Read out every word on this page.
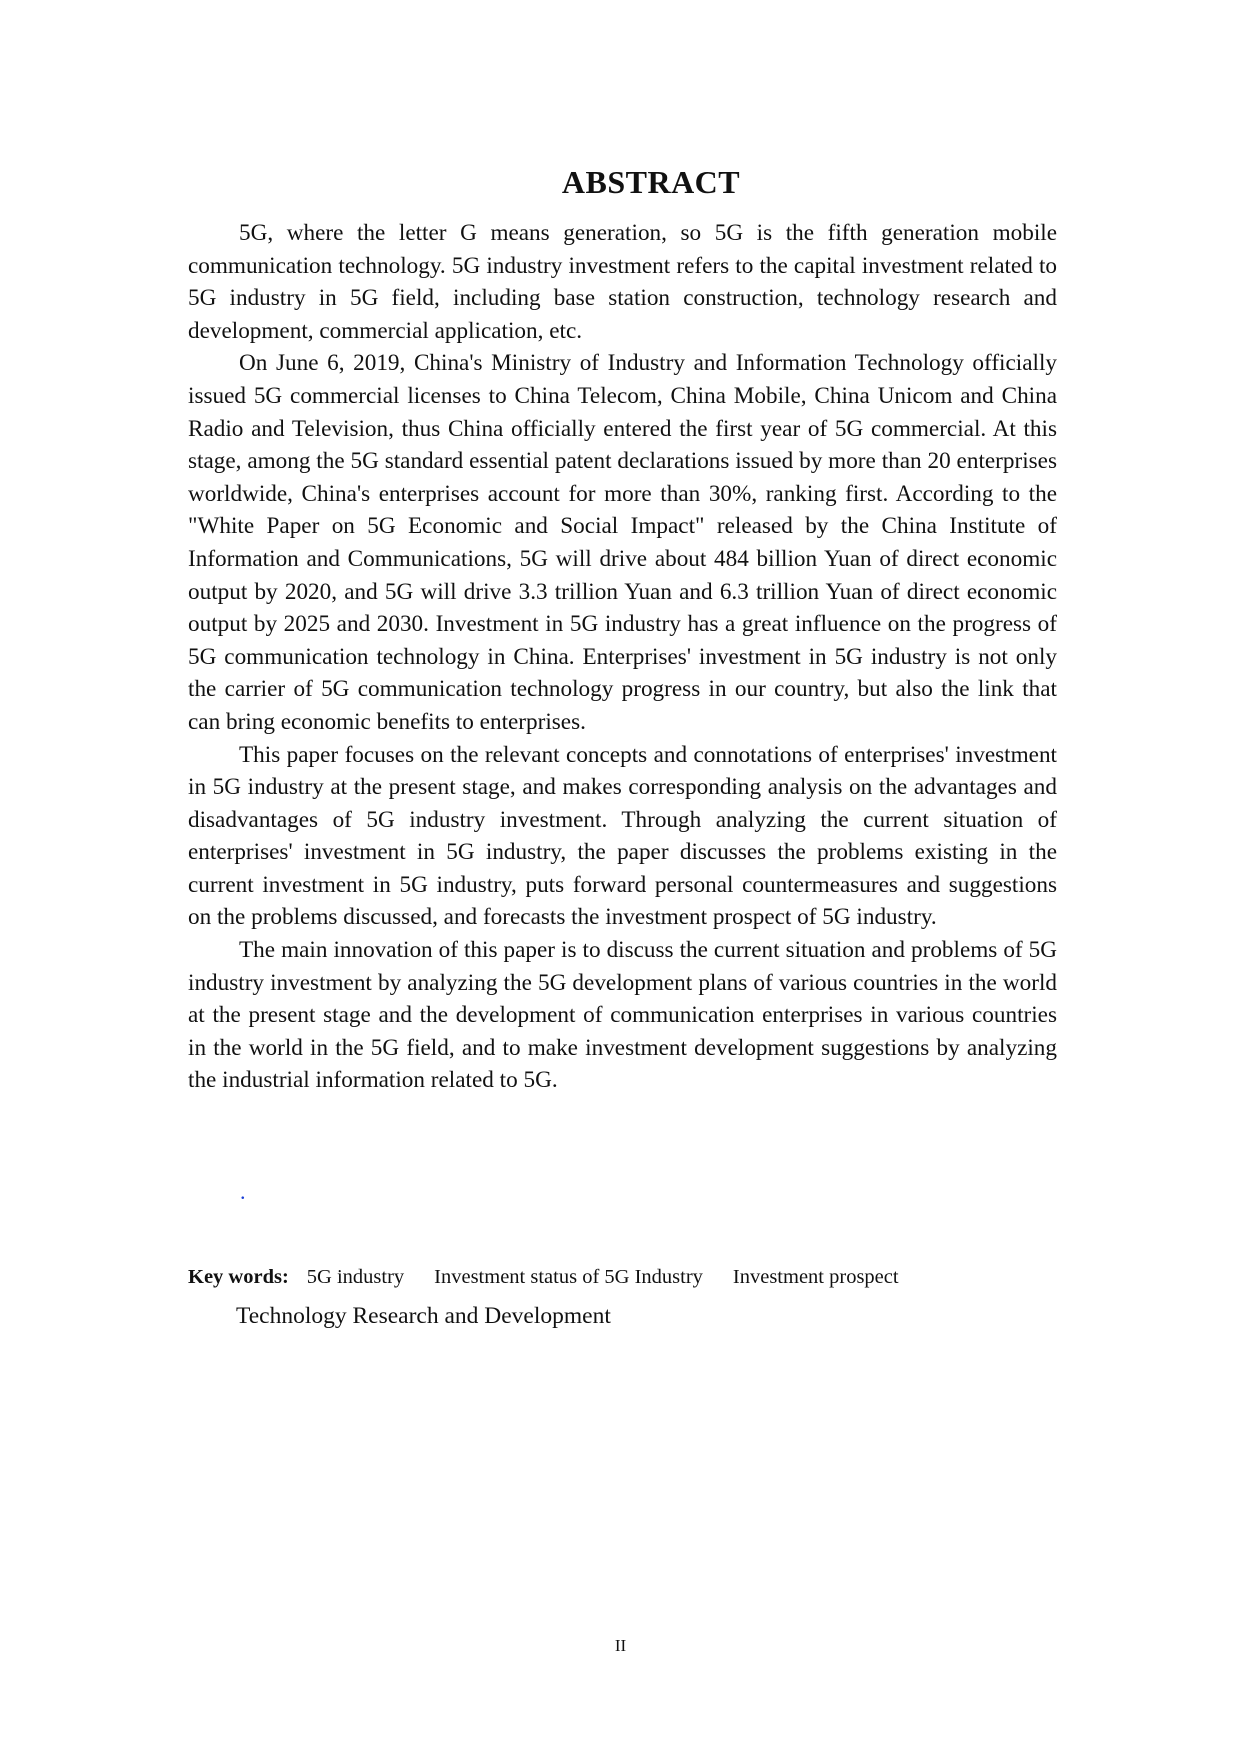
ABSTRACT

5G, where the letter G means generation, so 5G is the fifth generation mobile communication technology. 5G industry investment refers to the capital investment related to 5G industry in 5G field, including base station construction, technology research and development, commercial application, etc.

On June 6, 2019, China's Ministry of Industry and Information Technology officially issued 5G commercial licenses to China Telecom, China Mobile, China Unicom and China Radio and Television, thus China officially entered the first year of 5G commercial. At this stage, among the 5G standard essential patent declarations issued by more than 20 enterprises worldwide, China's enterprises account for more than 30%, ranking first. According to the "White Paper on 5G Economic and Social Impact" released by the China Institute of Information and Communications, 5G will drive about 484 billion Yuan of direct economic output by 2020, and 5G will drive 3.3 trillion Yuan and 6.3 trillion Yuan of direct economic output by 2025 and 2030. Investment in 5G industry has a great influence on the progress of 5G communication technology in China. Enterprises' investment in 5G industry is not only the carrier of 5G communication technology progress in our country, but also the link that can bring economic benefits to enterprises.

This paper focuses on the relevant concepts and connotations of enterprises' investment in 5G industry at the present stage, and makes corresponding analysis on the advantages and disadvantages of 5G industry investment. Through analyzing the current situation of enterprises' investment in 5G industry, the paper discusses the problems existing in the current investment in 5G industry, puts forward personal countermeasures and suggestions on the problems discussed, and forecasts the investment prospect of 5G industry.

The main innovation of this paper is to discuss the current situation and problems of 5G industry investment by analyzing the 5G development plans of various countries in the world at the present stage and the development of communication enterprises in various countries in the world in the 5G field, and to make investment development suggestions by analyzing the industrial information related to 5G.

.
Key words: 5G industry Investment status of 5G Industry Investment prospect
Technology Research and Development
II
